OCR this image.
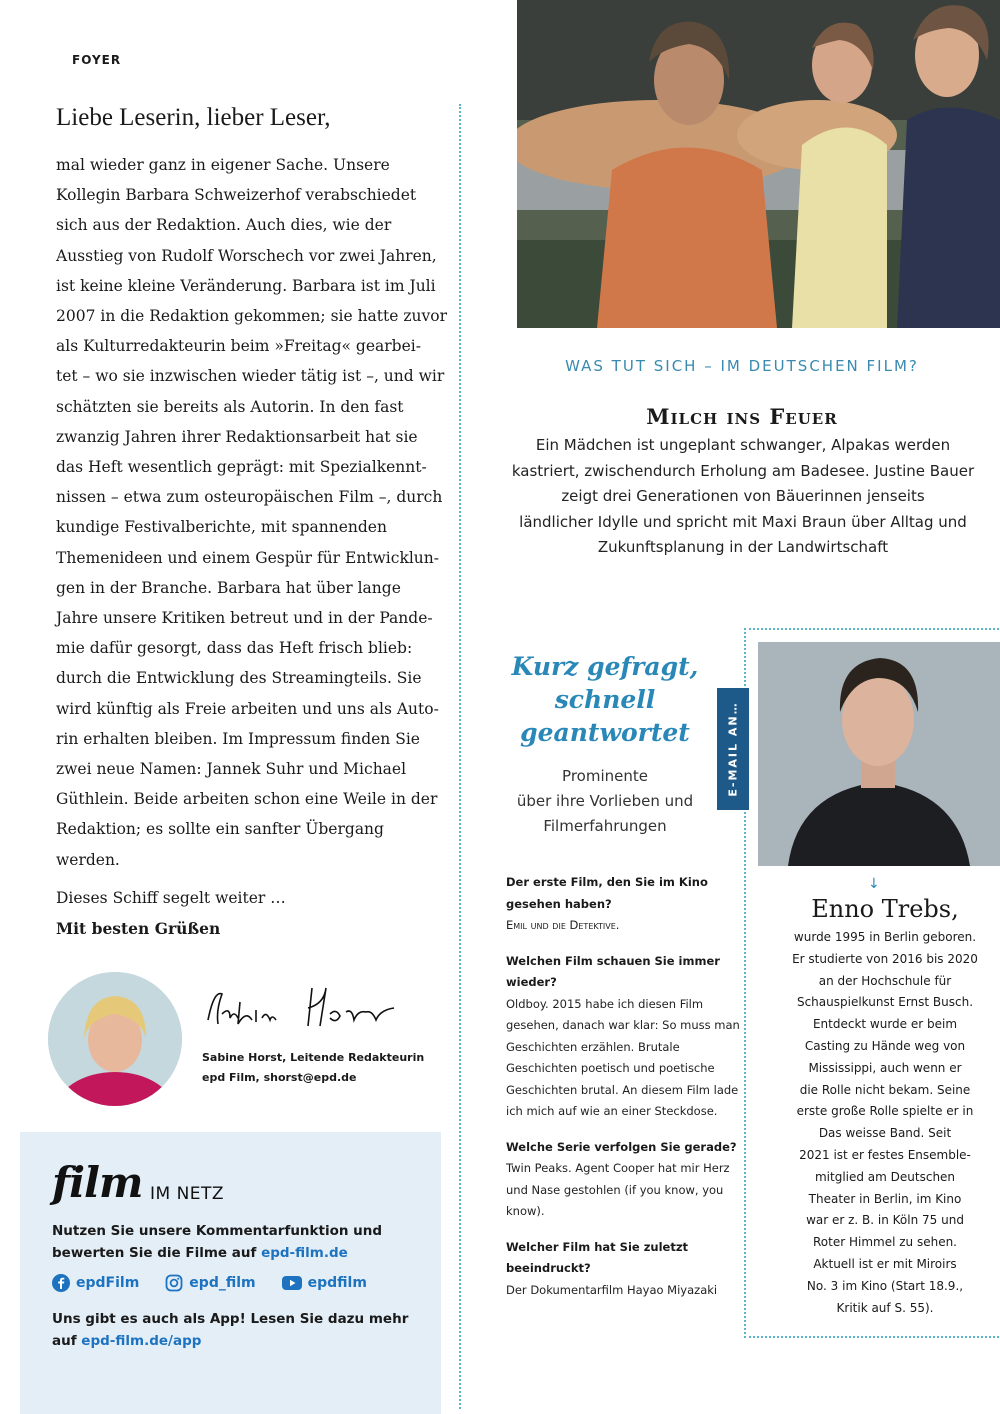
FOYER
Liebe Leserin, lieber Leser,

mal wieder ganz in eigener Sache. Unsere
Kollegin Barbara Schweizerhof verabschiedet
sich aus der Redaktion. Auch dies, wie der
Ausstieg von Rudolf Worschech vor zwei Jahren,
ist keine kleine Veränderung. Barbara ist im Juli
2007 in die Redaktion gekommen; sie hatte zuvor
als Kulturredakteurin beim »Freitag« gearbei-
tet – wo sie inzwischen wieder tätig ist –, und wir
schätzten sie bereits als Autorin. In den fast
zwanzig Jahren ihrer Redaktionsarbeit hat sie
das Heft wesentlich geprägt: mit Spezialkennt-
nissen – etwa zum osteuropäischen Film –, durch
kundige Festivalberichte, mit spannenden
Themenideen und einem Gespür für Entwicklun-
gen in der Branche. Barbara hat über lange
Jahre unsere Kritiken betreut und in der Pande-
mie dafür gesorgt, dass das Heft frisch blieb:
durch die Entwicklung des Streamingteils. Sie
wird künftig als Freie arbeiten und uns als Auto-
rin erhalten bleiben. Im Impressum finden Sie
zwei neue Namen: Jannek Suhr und Michael
Güthlein. Beide arbeiten schon eine Weile in der
Redaktion; es sollte ein sanfter Übergang
werden.

Dieses Schiff segelt weiter …
Mit besten Grüßen
Sabine Horst, Leitende Redakteurin
epd Film, shorst@epd.de
film IM NETZ
Nutzen Sie unsere Kommentarfunktion und
bewerten Sie die Filme auf epd-film.de
epdFilm	epd_film	epdfilm
Uns gibt es auch als App! Lesen Sie dazu mehr
auf epd-film.de/app
WAS TUT SICH – IM DEUTSCHEN FILM?
Milch ins Feuer
Ein Mädchen ist ungeplant schwanger, Alpakas werden
kastriert, zwischendurch Erholung am Badesee. Justine Bauer
zeigt drei Generationen von Bäuerinnen jenseits
ländlicher Idylle und spricht mit Maxi Braun über Alltag und
Zukunftsplanung in der Landwirtschaft
Kurz gefragt,
schnell
geantwortet
Prominente
über ihre Vorlieben und
Filmerfahrungen
E-MAIL AN…
↓
Enno Trebs,
wurde 1995 in Berlin geboren.
Er studierte von 2016 bis 2020
an der Hochschule für
Schauspielkunst Ernst Busch.
Entdeckt wurde er beim
Casting zu Hände weg von
Mississippi, auch wenn er
die Rolle nicht bekam. Seine
erste große Rolle spielte er in
Das weisse Band. Seit
2021 ist er festes Ensemble-
mitglied am Deutschen
Theater in Berlin, im Kino
war er z. B. in Köln 75 und
Roter Himmel zu sehen.
Aktuell ist er mit Miroirs
No. 3 im Kino (Start 18.9.,
Kritik auf S. 55).
Der erste Film, den Sie im Kino gesehen haben?
Emil und die Detektive.
Welchen Film schauen Sie immer wieder?
Oldboy. 2015 habe ich diesen Film gesehen, danach war klar: So muss man Geschichten erzählen. Brutale Geschichten poetisch und poetische Geschichten brutal. An diesem Film lade ich mich auf wie an einer Steckdose.
Welche Serie verfolgen Sie gerade?
Twin Peaks. Agent Cooper hat mir Herz und Nase gestohlen (if you know, you know).
Welcher Film hat Sie zuletzt beeindruckt?
Der Dokumentarfilm Hayao Miyazaki
